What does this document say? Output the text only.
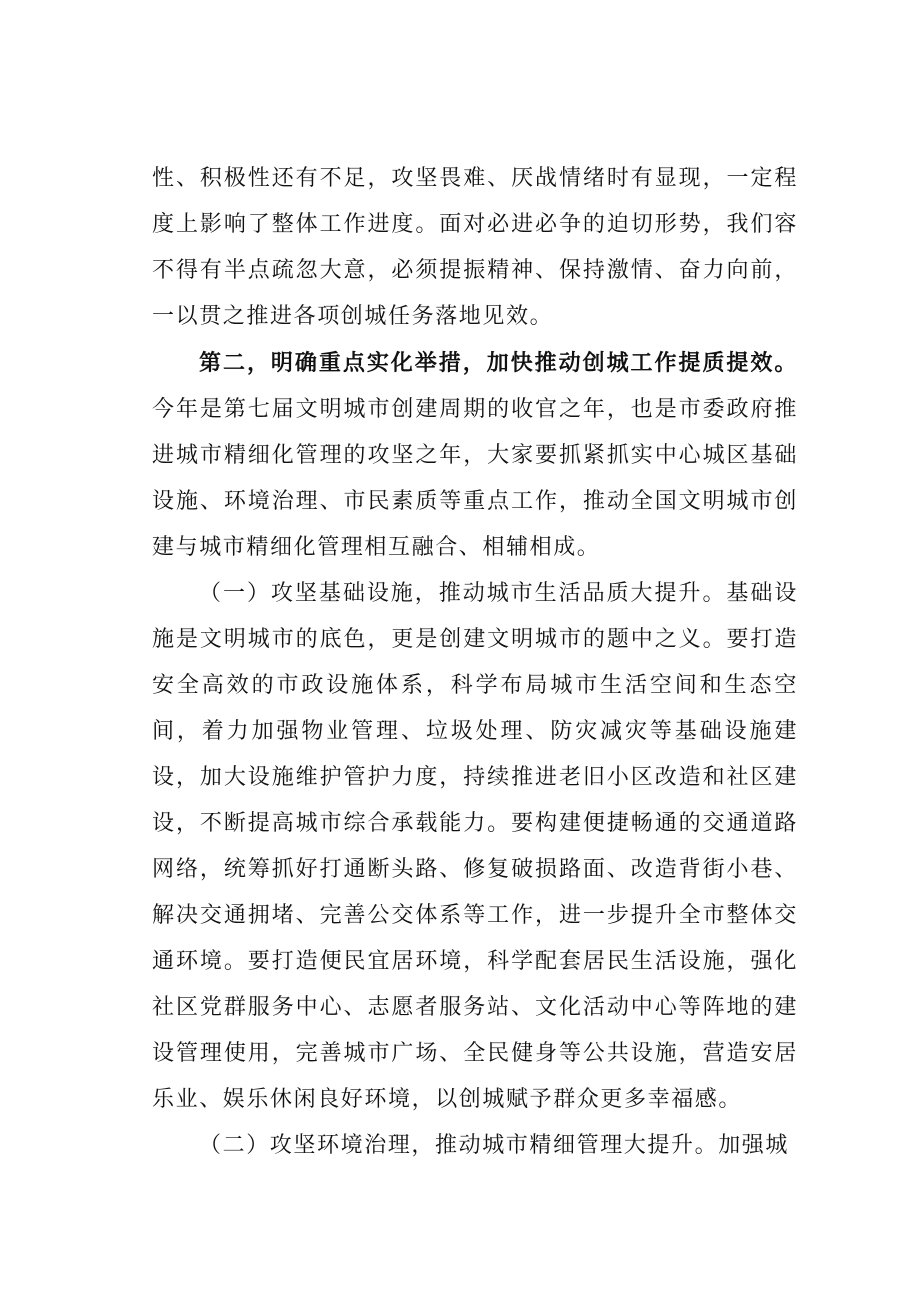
性、积极性还有不足，攻坚畏难、厌战情绪时有显现，一定程度上影响了整体工作进度。面对必进必争的迫切形势，我们容不得有半点疏忽大意，必须提振精神、保持激情、奋力向前，一以贯之推进各项创城任务落地见效。

第二，明确重点实化举措，加快推动创城工作提质提效。今年是第七届文明城市创建周期的收官之年，也是市委政府推进城市精细化管理的攻坚之年，大家要抓紧抓实中心城区基础设施、环境治理、市民素质等重点工作，推动全国文明城市创建与城市精细化管理相互融合、相辅相成。

（一）攻坚基础设施，推动城市生活品质大提升。基础设施是文明城市的底色，更是创建文明城市的题中之义。要打造安全高效的市政设施体系，科学布局城市生活空间和生态空间，着力加强物业管理、垃圾处理、防灾减灾等基础设施建设，加大设施维护管护力度，持续推进老旧小区改造和社区建设，不断提高城市综合承载能力。要构建便捷畅通的交通道路网络，统筹抓好打通断头路、修复破损路面、改造背街小巷、解决交通拥堵、完善公交体系等工作，进一步提升全市整体交通环境。要打造便民宜居环境，科学配套居民生活设施，强化社区党群服务中心、志愿者服务站、文化活动中心等阵地的建设管理使用，完善城市广场、全民健身等公共设施，营造安居乐业、娱乐休闲良好环境，以创城赋予群众更多幸福感。

（二）攻坚环境治理，推动城市精细管理大提升。加强城
